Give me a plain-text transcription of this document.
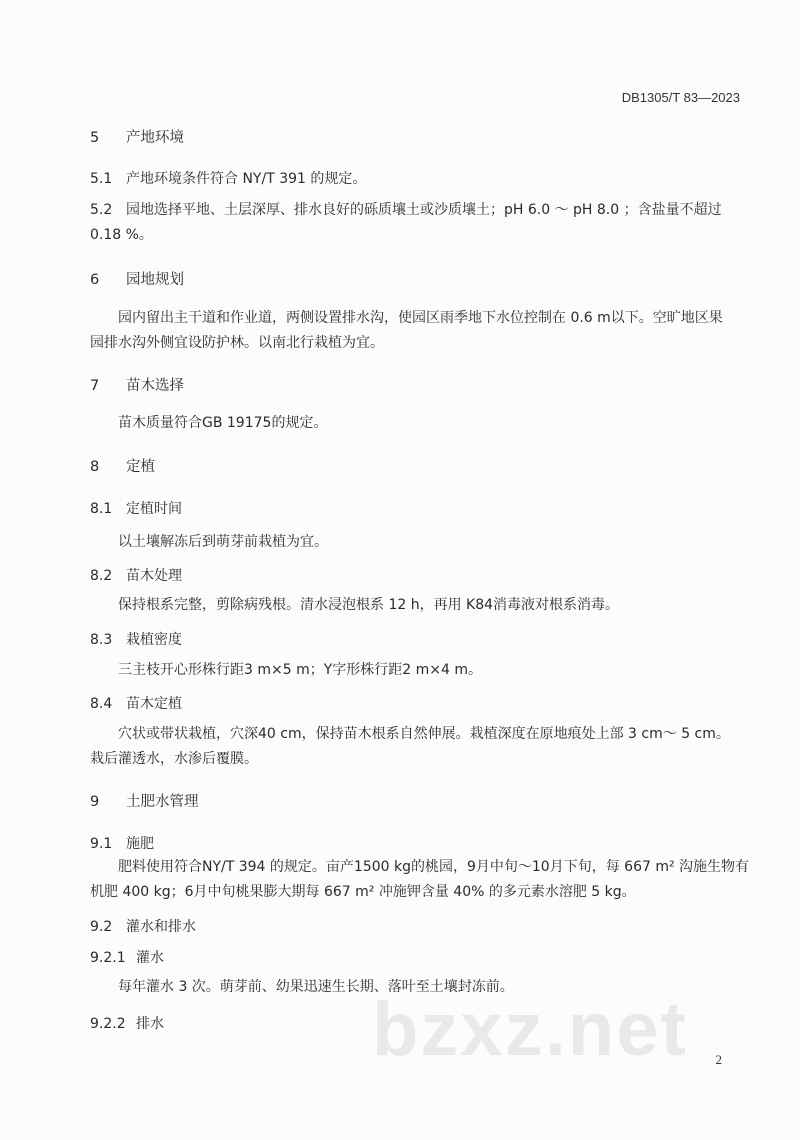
DB1305/T 83—2023
5 产地环境
5.1 产地环境条件符合 NY/T 391 的规定。
5.2 园地选择平地、土层深厚、排水良好的砾质壤土或沙质壤土；pH 6.0 ～ pH 8.0 ；含盐量不超过
0.18 %。
6 园地规划
园内留出主干道和作业道，两侧设置排水沟，使园区雨季地下水位控制在 0.6 m以下。空旷地区果
园排水沟外侧宜设防护林。以南北行栽植为宜。
7 苗木选择
苗木质量符合GB 19175的规定。
8 定植
8.1 定植时间
以土壤解冻后到萌芽前栽植为宜。
8.2 苗木处理
保持根系完整，剪除病残根。清水浸泡根系 12 h，再用 K84消毒液对根系消毒。
8.3 栽植密度
三主枝开心形株行距3 m×5 m；Y字形株行距2 m×4 m。
8.4 苗木定植
穴状或带状栽植，穴深40 cm，保持苗木根系自然伸展。栽植深度在原地痕处上部 3 cm～ 5 cm。
栽后灌透水，水渗后覆膜。
9 土肥水管理
9.1 施肥
肥料使用符合NY/T 394 的规定。亩产1500 kg的桃园，9月中旬～10月下旬，每 667 m² 沟施生物有
机肥 400 kg；6月中旬桃果膨大期每 667 m² 冲施钾含量 40% 的多元素水溶肥 5 kg。
9.2 灌水和排水
9.2.1 灌水
每年灌水 3 次。萌芽前、幼果迅速生长期、落叶至土壤封冻前。
9.2.2 排水	bzxz.net 2
